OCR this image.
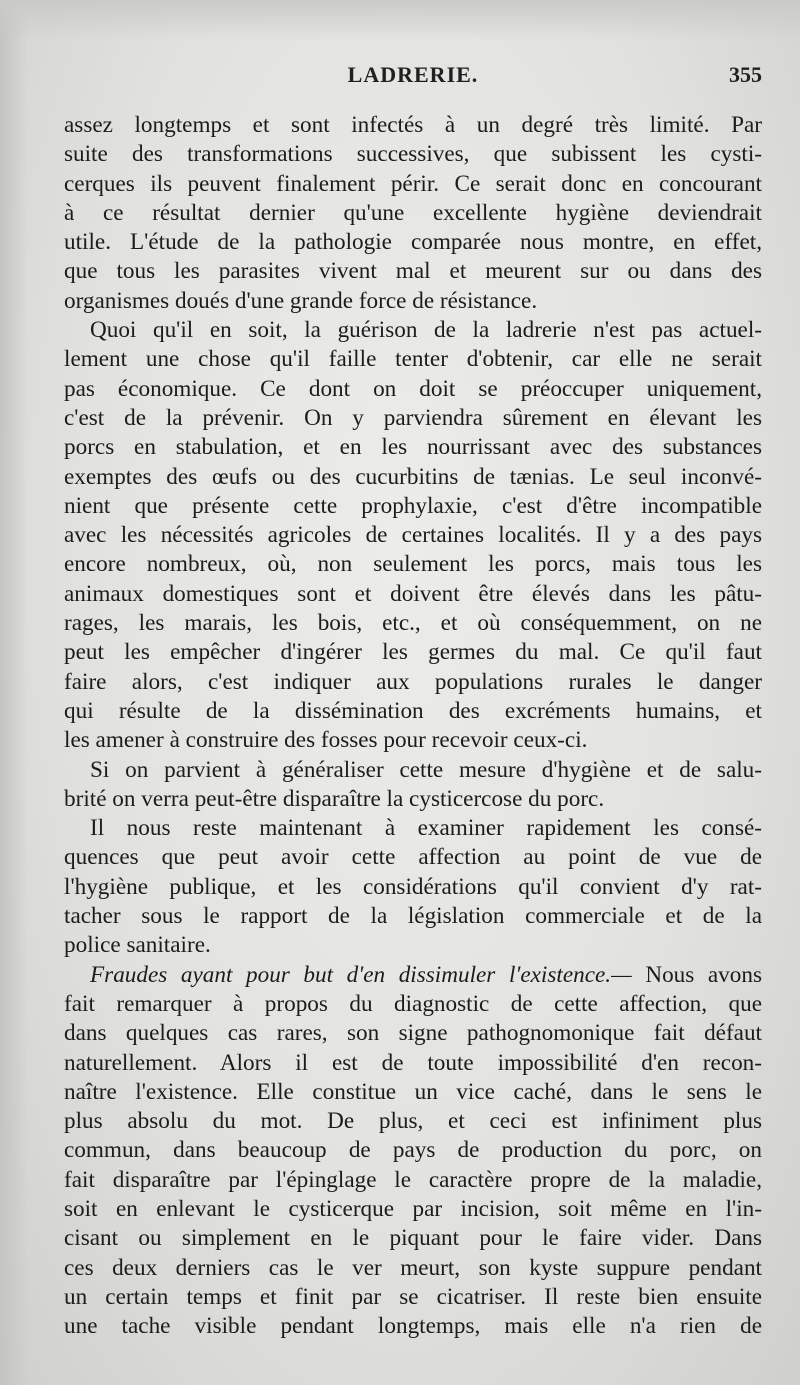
LADRERIE.	355
assez longtemps et sont infectés à un degré très limité. Par
suite des transformations successives, que subissent les cysti-
cerques ils peuvent finalement périr. Ce serait donc en concourant
à ce résultat dernier qu'une excellente hygiène deviendrait
utile. L'étude de la pathologie comparée nous montre, en effet,
que tous les parasites vivent mal et meurent sur ou dans des
organismes doués d'une grande force de résistance.
Quoi qu'il en soit, la guérison de la ladrerie n'est pas actuel-
lement une chose qu'il faille tenter d'obtenir, car elle ne serait
pas économique. Ce dont on doit se préoccuper uniquement,
c'est de la prévenir. On y parviendra sûrement en élevant les
porcs en stabulation, et en les nourrissant avec des substances
exemptes des œufs ou des cucurbitins de tænias. Le seul inconvé-
nient que présente cette prophylaxie, c'est d'être incompatible
avec les nécessités agricoles de certaines localités. Il y a des pays
encore nombreux, où, non seulement les porcs, mais tous les
animaux domestiques sont et doivent être élevés dans les pâtu-
rages, les marais, les bois, etc., et où conséquemment, on ne
peut les empêcher d'ingérer les germes du mal. Ce qu'il faut
faire alors, c'est indiquer aux populations rurales le danger
qui résulte de la dissémination des excréments humains, et
les amener à construire des fosses pour recevoir ceux-ci.
Si on parvient à généraliser cette mesure d'hygiène et de salu-
brité on verra peut-être disparaître la cysticercose du porc.
Il nous reste maintenant à examiner rapidement les consé-
quences que peut avoir cette affection au point de vue de
l'hygiène publique, et les considérations qu'il convient d'y rat-
tacher sous le rapport de la législation commerciale et de la
police sanitaire.
Fraudes ayant pour but d'en dissimuler l'existence.— Nous avons
fait remarquer à propos du diagnostic de cette affection, que
dans quelques cas rares, son signe pathognomonique fait défaut
naturellement. Alors il est de toute impossibilité d'en recon-
naître l'existence. Elle constitue un vice caché, dans le sens le
plus absolu du mot. De plus, et ceci est infiniment plus
commun, dans beaucoup de pays de production du porc, on
fait disparaître par l'épinglage le caractère propre de la maladie,
soit en enlevant le cysticerque par incision, soit même en l'in-
cisant ou simplement en le piquant pour le faire vider. Dans
ces deux derniers cas le ver meurt, son kyste suppure pendant
un certain temps et finit par se cicatriser. Il reste bien ensuite
une tache visible pendant longtemps, mais elle n'a rien de
